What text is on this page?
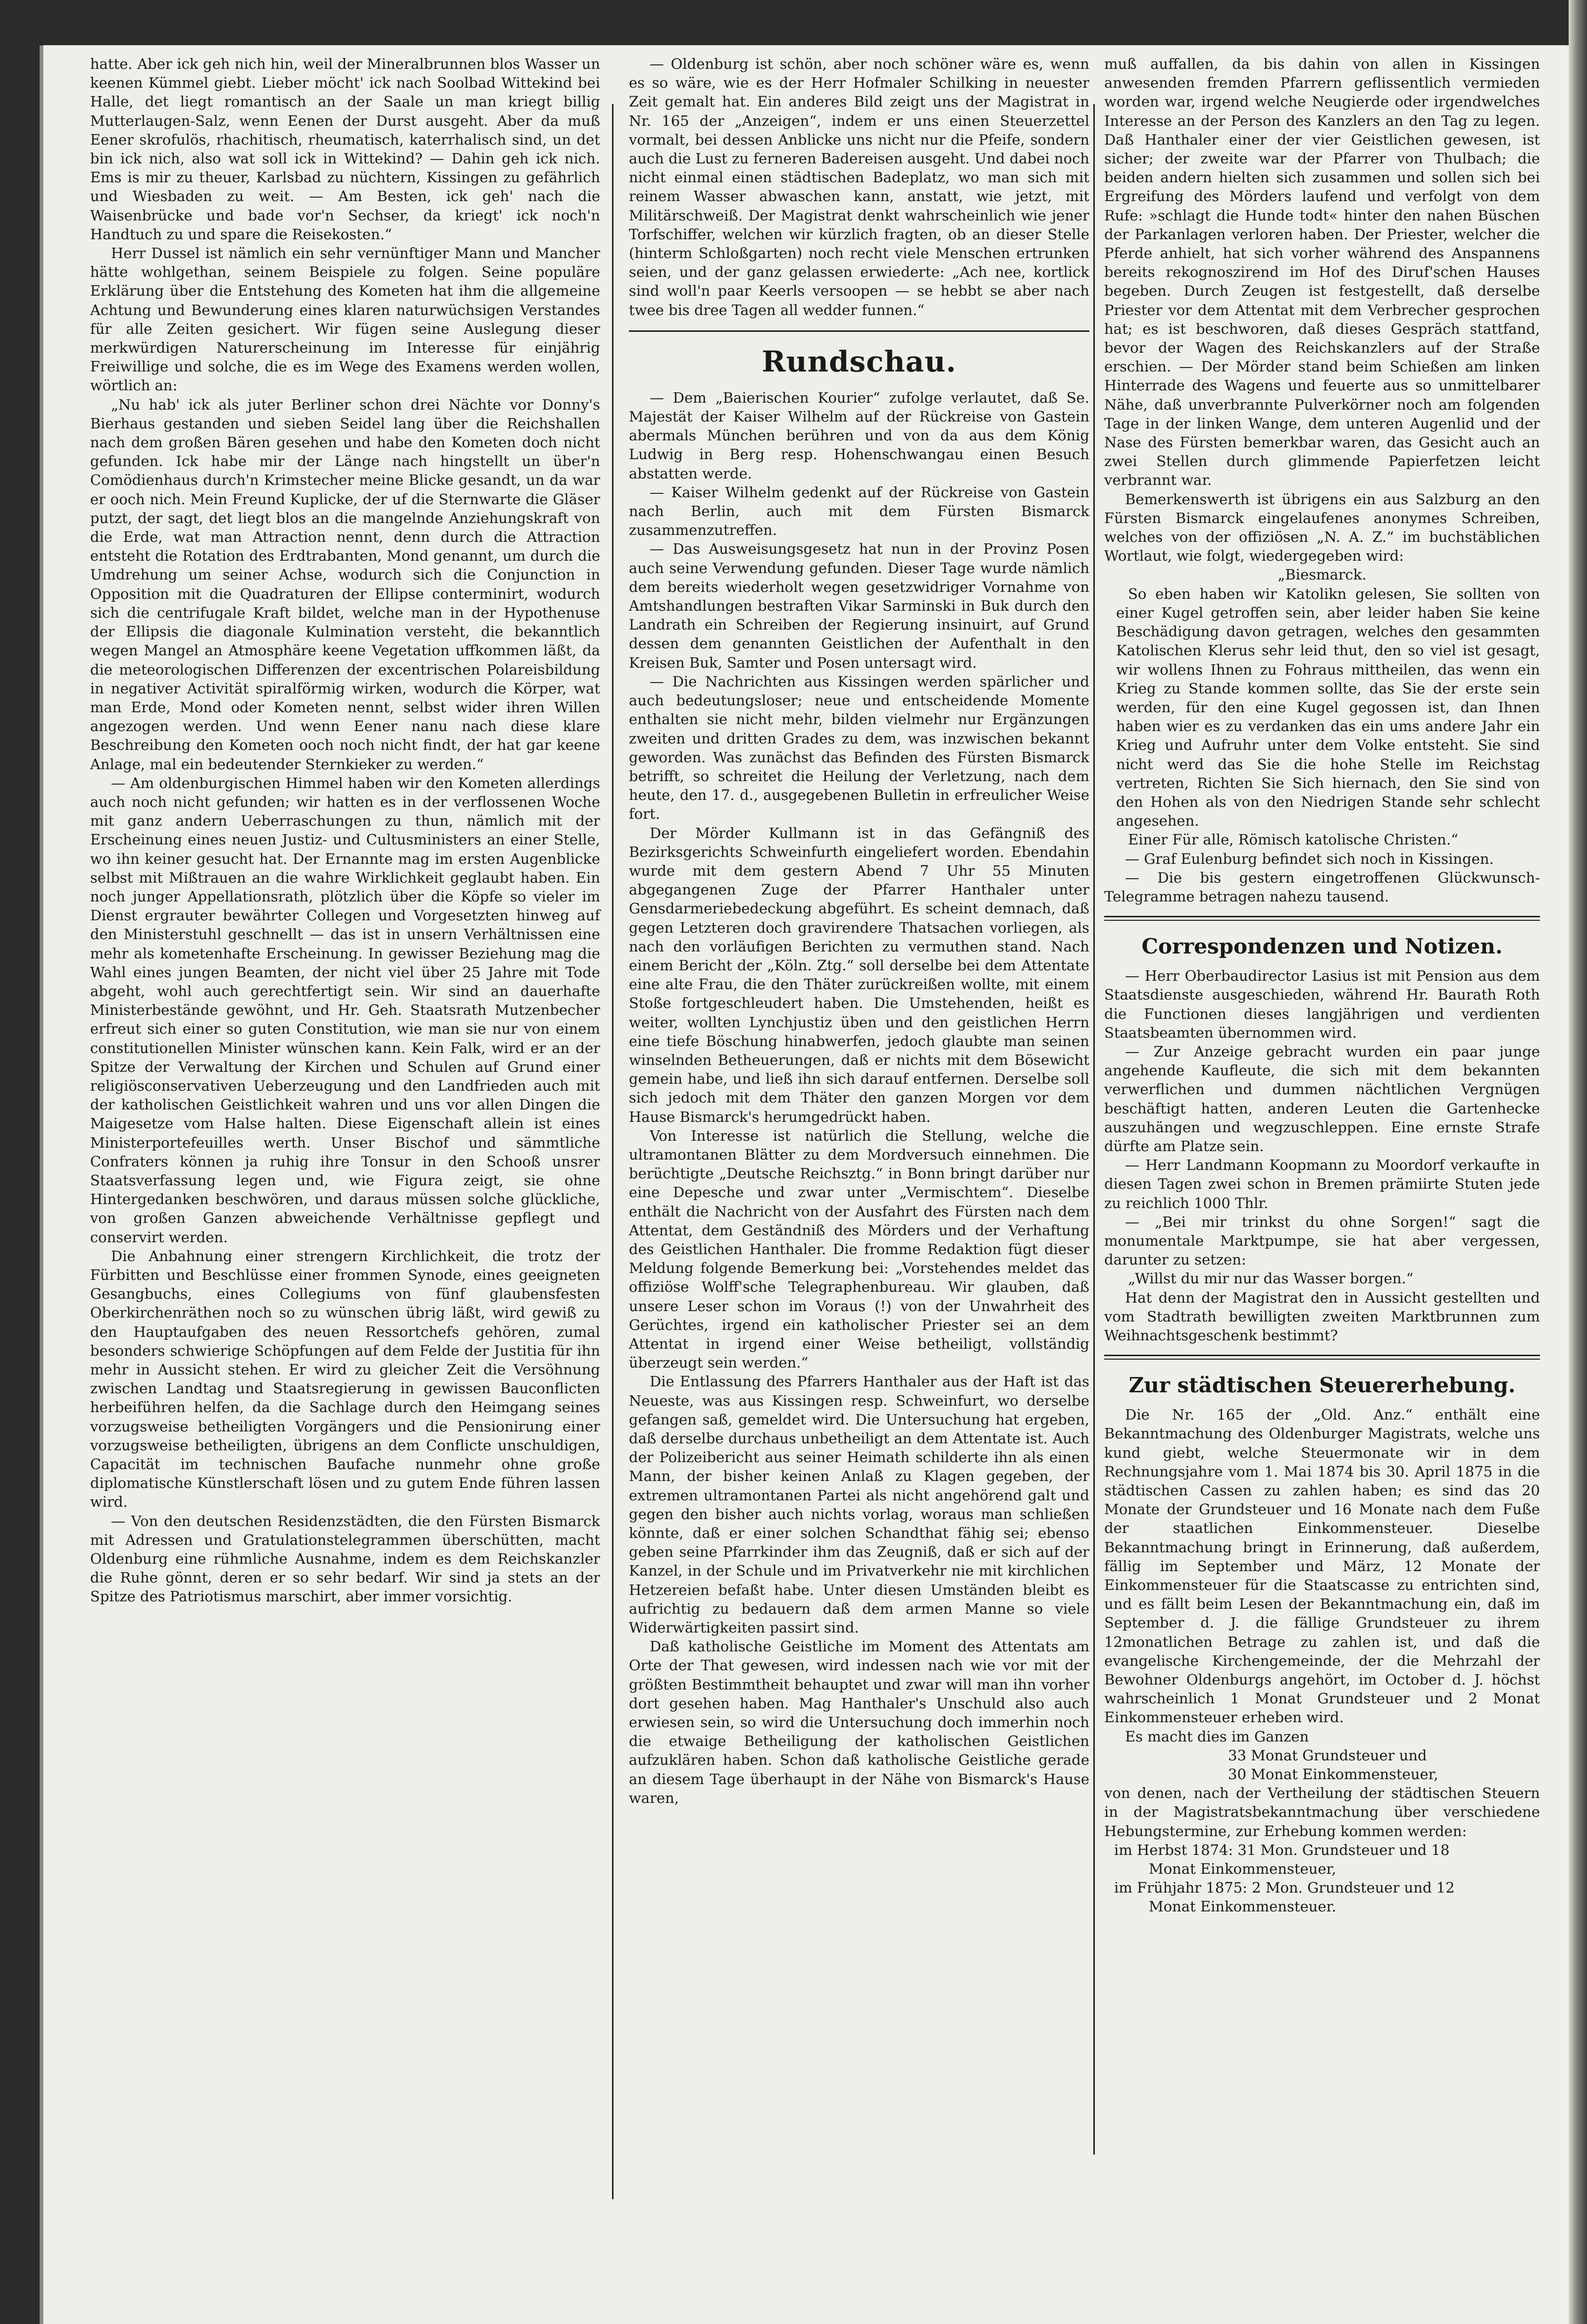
hatte. Aber ick geh nich hin, weil der Mineralbrunnen blos Wasser un keenen Kümmel giebt. Lieber möcht' ick nach Soolbad Wittekind bei Halle, det liegt romantisch an der Saale un man kriegt billig Mutterlaugen-Salz, wenn Eenen der Durst ausgeht. Aber da muß Eener skrofulös, rhachitisch, rheumatisch, katerrhalisch sind, un det bin ick nich, also wat soll ick in Wittekind? — Dahin geh ick nich. Ems is mir zu theuer, Karlsbad zu nüchtern, Kissingen zu gefährlich und Wiesbaden zu weit. — Am Besten, ick geh' nach die Waisenbrücke und bade vor'n Sechser, da kriegt' ick noch'n Handtuch zu und spare die Reisekosten.“

Herr Dussel ist nämlich ein sehr vernünftiger Mann und Mancher hätte wohlgethan, seinem Beispiele zu folgen. Seine populäre Erklärung über die Entstehung des Kometen hat ihm die allgemeine Achtung und Bewunderung eines klaren naturwüchsigen Verstandes für alle Zeiten gesichert. Wir fügen seine Auslegung dieser merkwürdigen Naturerscheinung im Interesse für einjährig Freiwillige und solche, die es im Wege des Examens werden wollen, wörtlich an:

„Nu hab' ick als juter Berliner schon drei Nächte vor Donny's Bierhaus gestanden und sieben Seidel lang über die Reichshallen nach dem großen Bären gesehen und habe den Kometen doch nicht gefunden. Ick habe mir der Länge nach hingstellt un über'n Comödienhaus durch'n Krimstecher meine Blicke gesandt, un da war er ooch nich. Mein Freund Kuplicke, der uf die Sternwarte die Gläser putzt, der sagt, det liegt blos an die mangelnde Anziehungskraft von die Erde, wat man Attraction nennt, denn durch die Attraction entsteht die Rotation des Erdtrabanten, Mond genannt, um durch die Umdrehung um seiner Achse, wodurch sich die Conjunction in Opposition mit die Quadraturen der Ellipse conterminirt, wodurch sich die centrifugale Kraft bildet, welche man in der Hypothenuse der Ellipsis die diagonale Kulmination versteht, die bekanntlich wegen Mangel an Atmosphäre keene Vegetation uffkommen läßt, da die meteorologischen Differenzen der excentrischen Polareisbildung in negativer Activität spiralförmig wirken, wodurch die Körper, wat man Erde, Mond oder Kometen nennt, selbst wider ihren Willen angezogen werden. Und wenn Eener nanu nach diese klare Beschreibung den Kometen ooch noch nicht findt, der hat gar keene Anlage, mal ein bedeutender Sternkieker zu werden.“

— Am oldenburgischen Himmel haben wir den Kometen allerdings auch noch nicht gefunden; wir hatten es in der verflossenen Woche mit ganz andern Ueberraschungen zu thun, nämlich mit der Erscheinung eines neuen Justiz- und Cultusministers an einer Stelle, wo ihn keiner gesucht hat. Der Ernannte mag im ersten Augenblicke selbst mit Mißtrauen an die wahre Wirklichkeit geglaubt haben. Ein noch junger Appellationsrath, plötzlich über die Köpfe so vieler im Dienst ergrauter bewährter Collegen und Vorgesetzten hinweg auf den Ministerstuhl geschnellt — das ist in unsern Verhältnissen eine mehr als kometenhafte Erscheinung. In gewisser Beziehung mag die Wahl eines jungen Beamten, der nicht viel über 25 Jahre mit Tode abgeht, wohl auch gerechtfertigt sein. Wir sind an dauerhafte Ministerbestände gewöhnt, und Hr. Geh. Staatsrath Mutzenbecher erfreut sich einer so guten Constitution, wie man sie nur von einem constitutionellen Minister wünschen kann. Kein Falk, wird er an der Spitze der Verwaltung der Kirchen und Schulen auf Grund einer religiösconservativen Ueberzeugung und den Landfrieden auch mit der katholischen Geistlichkeit wahren und uns vor allen Dingen die Maigesetze vom Halse halten. Diese Eigenschaft allein ist eines Ministerportefeuilles werth. Unser Bischof und sämmtliche Confraters können ja ruhig ihre Tonsur in den Schooß unsrer Staatsverfassung legen und, wie Figura zeigt, sie ohne Hintergedanken beschwören, und daraus müssen solche glückliche, von großen Ganzen abweichende Verhältnisse gepflegt und conservirt werden.

Die Anbahnung einer strengern Kirchlichkeit, die trotz der Fürbitten und Beschlüsse einer frommen Synode, eines geeigneten Gesangbuchs, eines Collegiums von fünf glaubensfesten Oberkirchenräthen noch so zu wünschen übrig läßt, wird gewiß zu den Hauptaufgaben des neuen Ressortchefs gehören, zumal besonders schwierige Schöpfungen auf dem Felde der Justitia für ihn mehr in Aussicht stehen. Er wird zu gleicher Zeit die Versöhnung zwischen Landtag und Staatsregierung in gewissen Bauconflicten herbeiführen helfen, da die Sachlage durch den Heimgang seines vorzugsweise betheiligten Vorgängers und die Pensionirung einer vorzugsweise betheiligten, übrigens an dem Conflicte unschuldigen, Capacität im technischen Baufache nunmehr ohne große diplomatische Künstlerschaft lösen und zu gutem Ende führen lassen wird.

— Von den deutschen Residenzstädten, die den Fürsten Bismarck mit Adressen und Gratulationstelegrammen überschütten, macht Oldenburg eine rühmliche Ausnahme, indem es dem Reichskanzler die Ruhe gönnt, deren er so sehr bedarf. Wir sind ja stets an der Spitze des Patriotismus marschirt, aber immer vorsichtig.

— Oldenburg ist schön, aber noch schöner wäre es, wenn es so wäre, wie es der Herr Hofmaler Schilking in neuester Zeit gemalt hat. Ein anderes Bild zeigt uns der Magistrat in Nr. 165 der „Anzeigen“, indem er uns einen Steuerzettel vormalt, bei dessen Anblicke uns nicht nur die Pfeife, sondern auch die Lust zu ferneren Badereisen ausgeht. Und dabei noch nicht einmal einen städtischen Badeplatz, wo man sich mit reinem Wasser abwaschen kann, anstatt, wie jetzt, mit Militärschweiß. Der Magistrat denkt wahrscheinlich wie jener Torfschiffer, welchen wir kürzlich fragten, ob an dieser Stelle (hinterm Schloßgarten) noch recht viele Menschen ertrunken seien, und der ganz gelassen erwiederte: „Ach nee, kortlick sind woll'n paar Keerls versoopen — se hebbt se aber nach twee bis dree Tagen all wedder funnen.“

Rundschau.

— Dem „Baierischen Kourier“ zufolge verlautet, daß Se. Majestät der Kaiser Wilhelm auf der Rückreise von Gastein abermals München berühren und von da aus dem König Ludwig in Berg resp. Hohenschwangau einen Besuch abstatten werde.

— Kaiser Wilhelm gedenkt auf der Rückreise von Gastein nach Berlin, auch mit dem Fürsten Bismarck zusammenzutreffen.

— Das Ausweisungsgesetz hat nun in der Provinz Posen auch seine Verwendung gefunden. Dieser Tage wurde nämlich dem bereits wiederholt wegen gesetzwidriger Vornahme von Amtshandlungen bestraften Vikar Sarminski in Buk durch den Landrath ein Schreiben der Regierung insinuirt, auf Grund dessen dem genannten Geistlichen der Aufenthalt in den Kreisen Buk, Samter und Posen untersagt wird.

— Die Nachrichten aus Kissingen werden spärlicher und auch bedeutungsloser; neue und entscheidende Momente enthalten sie nicht mehr, bilden vielmehr nur Ergänzungen zweiten und dritten Grades zu dem, was inzwischen bekannt geworden. Was zunächst das Befinden des Fürsten Bismarck betrifft, so schreitet die Heilung der Verletzung, nach dem heute, den 17. d., ausgegebenen Bulletin in erfreulicher Weise fort.

Der Mörder Kullmann ist in das Gefängniß des Bezirksgerichts Schweinfurth eingeliefert worden. Ebendahin wurde mit dem gestern Abend 7 Uhr 55 Minuten abgegangenen Zuge der Pfarrer Hanthaler unter Gensdarmeriebedeckung abgeführt. Es scheint demnach, daß gegen Letzteren doch gravirendere Thatsachen vorliegen, als nach den vorläufigen Berichten zu vermuthen stand. Nach einem Bericht der „Köln. Ztg.“ soll derselbe bei dem Attentate eine alte Frau, die den Thäter zurückreißen wollte, mit einem Stoße fortgeschleudert haben. Die Umstehenden, heißt es weiter, wollten Lynchjustiz üben und den geistlichen Herrn eine tiefe Böschung hinabwerfen, jedoch glaubte man seinen winselnden Betheuerungen, daß er nichts mit dem Bösewicht gemein habe, und ließ ihn sich darauf entfernen. Derselbe soll sich jedoch mit dem Thäter den ganzen Morgen vor dem Hause Bismarck's herumgedrückt haben.

Von Interesse ist natürlich die Stellung, welche die ultramontanen Blätter zu dem Mordversuch einnehmen. Die berüchtigte „Deutsche Reichsztg.“ in Bonn bringt darüber nur eine Depesche und zwar unter „Vermischtem“. Dieselbe enthält die Nachricht von der Ausfahrt des Fürsten nach dem Attentat, dem Geständniß des Mörders und der Verhaftung des Geistlichen Hanthaler. Die fromme Redaktion fügt dieser Meldung folgende Bemerkung bei: „Vorstehendes meldet das offiziöse Wolff'sche Telegraphenbureau. Wir glauben, daß unsere Leser schon im Voraus (!) von der Unwahrheit des Gerüchtes, irgend ein katholischer Priester sei an dem Attentat in irgend einer Weise betheiligt, vollständig überzeugt sein werden.“

Die Entlassung des Pfarrers Hanthaler aus der Haft ist das Neueste, was aus Kissingen resp. Schweinfurt, wo derselbe gefangen saß, gemeldet wird. Die Untersuchung hat ergeben, daß derselbe durchaus unbetheiligt an dem Attentate ist. Auch der Polizeibericht aus seiner Heimath schilderte ihn als einen Mann, der bisher keinen Anlaß zu Klagen gegeben, der extremen ultramontanen Partei als nicht angehörend galt und gegen den bisher auch nichts vorlag, woraus man schließen könnte, daß er einer solchen Schandthat fähig sei; ebenso geben seine Pfarrkinder ihm das Zeugniß, daß er sich auf der Kanzel, in der Schule und im Privatverkehr nie mit kirchlichen Hetzereien befaßt habe. Unter diesen Umständen bleibt es aufrichtig zu bedauern daß dem armen Manne so viele Widerwärtigkeiten passirt sind.

Daß katholische Geistliche im Moment des Attentats am Orte der That gewesen, wird indessen nach wie vor mit der größten Bestimmtheit behauptet und zwar will man ihn vorher dort gesehen haben. Mag Hanthaler's Unschuld also auch erwiesen sein, so wird die Untersuchung doch immerhin noch die etwaige Betheiligung der katholischen Geistlichen aufzuklären haben. Schon daß katholische Geistliche gerade an diesem Tage überhaupt in der Nähe von Bismarck's Hause waren,

muß auffallen, da bis dahin von allen in Kissingen anwesenden fremden Pfarrern geflissentlich vermieden worden war, irgend welche Neugierde oder irgendwelches Interesse an der Person des Kanzlers an den Tag zu legen. Daß Hanthaler einer der vier Geistlichen gewesen, ist sicher; der zweite war der Pfarrer von Thulbach; die beiden andern hielten sich zusammen und sollen sich bei Ergreifung des Mörders laufend und verfolgt von dem Rufe: »schlagt die Hunde todt« hinter den nahen Büschen der Parkanlagen verloren haben. Der Priester, welcher die Pferde anhielt, hat sich vorher während des Anspannens bereits rekognoszirend im Hof des Diruf'schen Hauses begeben. Durch Zeugen ist festgestellt, daß derselbe Priester vor dem Attentat mit dem Verbrecher gesprochen hat; es ist beschworen, daß dieses Gespräch stattfand, bevor der Wagen des Reichskanzlers auf der Straße erschien. — Der Mörder stand beim Schießen am linken Hinterrade des Wagens und feuerte aus so unmittelbarer Nähe, daß unverbrannte Pulverkörner noch am folgenden Tage in der linken Wange, dem unteren Augenlid und der Nase des Fürsten bemerkbar waren, das Gesicht auch an zwei Stellen durch glimmende Papierfetzen leicht verbrannt war.

Bemerkenswerth ist übrigens ein aus Salzburg an den Fürsten Bismarck eingelaufenes anonymes Schreiben, welches von der offiziösen „N. A. Z.“ im buchstäblichen Wortlaut, wie folgt, wiedergegeben wird:

„Biesmarck.

So eben haben wir Katolikn gelesen, Sie sollten von einer Kugel getroffen sein, aber leider haben Sie keine Beschädigung davon getragen, welches den gesammten Katolischen Klerus sehr leid thut, den so viel ist gesagt, wir wollens Ihnen zu Fohraus mittheilen, das wenn ein Krieg zu Stande kommen sollte, das Sie der erste sein werden, für den eine Kugel gegossen ist, dan Ihnen haben wier es zu verdanken das ein ums andere Jahr ein Krieg und Aufruhr unter dem Volke entsteht. Sie sind nicht werd das Sie die hohe Stelle im Reichstag vertreten, Richten Sie Sich hiernach, den Sie sind von den Hohen als von den Niedrigen Stande sehr schlecht angesehen.

Einer Für alle, Römisch katolische Christen.“

— Graf Eulenburg befindet sich noch in Kissingen.

— Die bis gestern eingetroffenen Glückwunsch-Telegramme betragen nahezu tausend.

Correspondenzen und Notizen.

— Herr Oberbaudirector Lasius ist mit Pension aus dem Staatsdienste ausgeschieden, während Hr. Baurath Roth die Functionen dieses langjährigen und verdienten Staatsbeamten übernommen wird.

— Zur Anzeige gebracht wurden ein paar junge angehende Kaufleute, die sich mit dem bekannten verwerflichen und dummen nächtlichen Vergnügen beschäftigt hatten, anderen Leuten die Gartenhecke auszuhängen und wegzuschleppen. Eine ernste Strafe dürfte am Platze sein.

— Herr Landmann Koopmann zu Moordorf verkaufte in diesen Tagen zwei schon in Bremen prämiirte Stuten jede zu reichlich 1000 Thlr.

— „Bei mir trinkst du ohne Sorgen!“ sagt die monumentale Marktpumpe, sie hat aber vergessen, darunter zu setzen:

„Willst du mir nur das Wasser borgen.“

Hat denn der Magistrat den in Aussicht gestellten und vom Stadtrath bewilligten zweiten Marktbrunnen zum Weihnachtsgeschenk bestimmt?

Zur städtischen Steuererhebung.

Die Nr. 165 der „Old. Anz.“ enthält eine Bekanntmachung des Oldenburger Magistrats, welche uns kund giebt, welche Steuermonate wir in dem Rechnungsjahre vom 1. Mai 1874 bis 30. April 1875 in die städtischen Cassen zu zahlen haben; es sind das 20 Monate der Grundsteuer und 16 Monate nach dem Fuße der staatlichen Einkommensteuer. Dieselbe Bekanntmachung bringt in Erinnerung, daß außerdem, fällig im September und März, 12 Monate der Einkommensteuer für die Staatscasse zu entrichten sind, und es fällt beim Lesen der Bekanntmachung ein, daß im September d. J. die fällige Grundsteuer zu ihrem 12monatlichen Betrage zu zahlen ist, und daß die evangelische Kirchengemeinde, der die Mehrzahl der Bewohner Oldenburgs angehört, im October d. J. höchst wahrscheinlich 1 Monat Grundsteuer und 2 Monat Einkommensteuer erheben wird.

Es macht dies im Ganzen

33 Monat Grundsteuer und

30 Monat Einkommensteuer,

von denen, nach der Vertheilung der städtischen Steuern in der Magistratsbekanntmachung über verschiedene Hebungstermine, zur Erhebung kommen werden:

im Herbst 1874: 31 Mon. Grundsteuer und 18

Monat Einkommensteuer,

im Frühjahr 1875: 2 Mon. Grundsteuer und 12

Monat Einkommensteuer.
